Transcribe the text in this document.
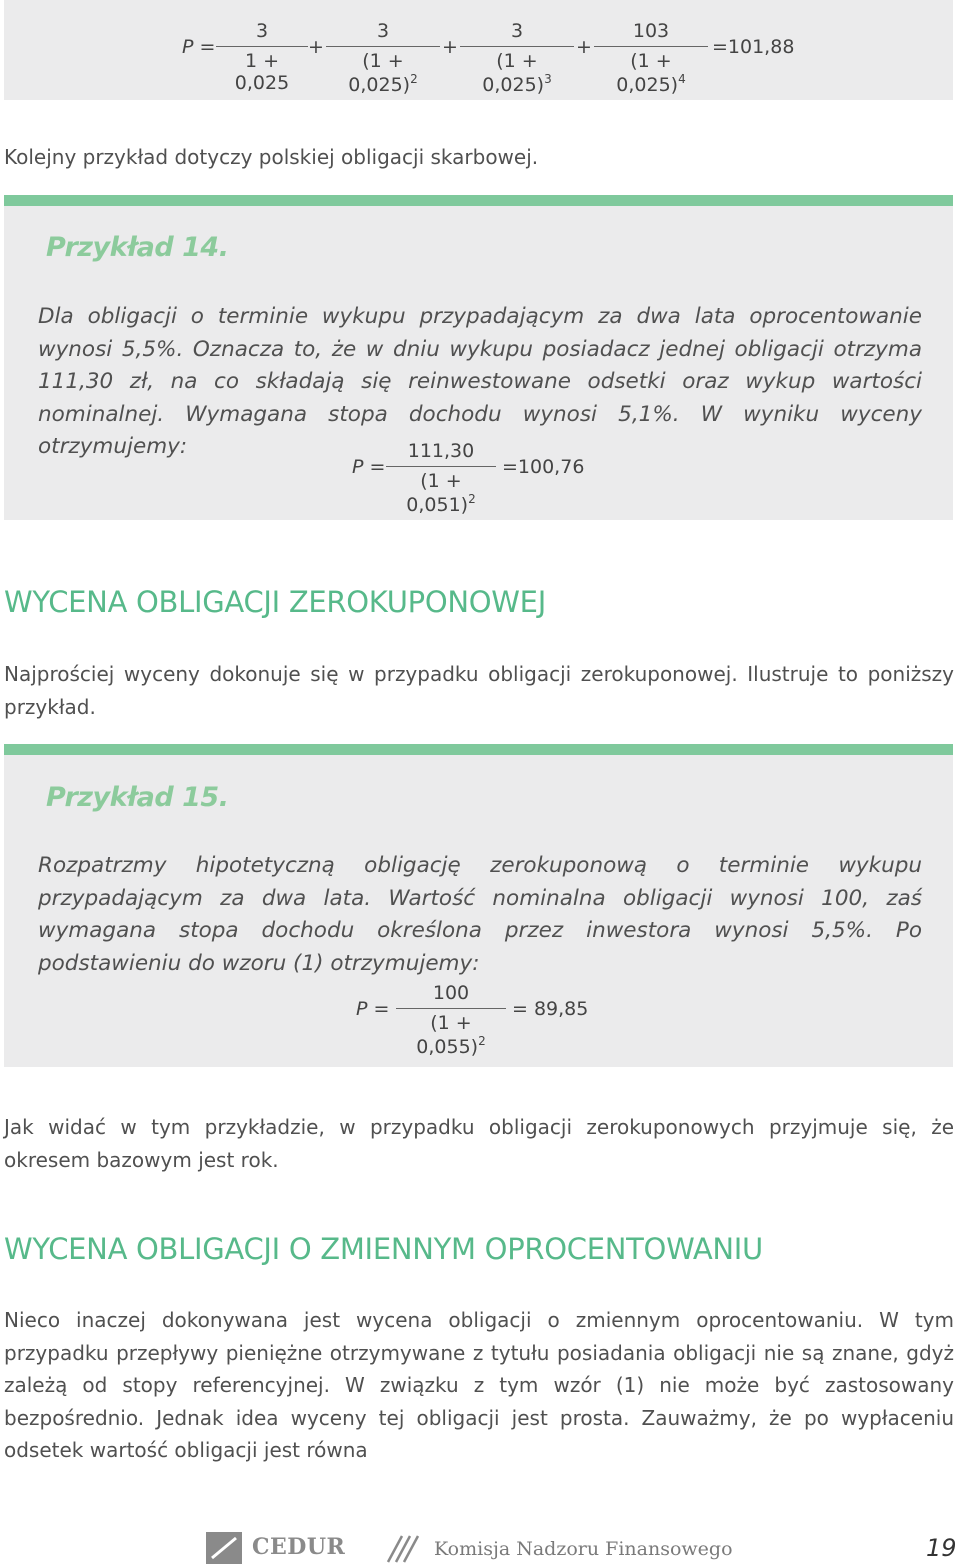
$P = \frac{3}{1 + 0,025} + \frac{3}{(1 + 0,025)^2} + \frac{3}{(1 + 0,025)^3} + \frac{103}{(1 + 0,025)^4} =101,88$

Kolejny przykład dotyczy polskiej obligacji skarbowej.

Przykład 14.

Dla obligacji o terminie wykupu przypadającym za dwa lata oprocentowanie wynosi 5,5%. Oznacza to, że w dniu wykupu posiadacz jednej obligacji otrzyma 111,30 zł, na co składają się reinwestowane odsetki oraz wykup wartości nominalnej. Wymagana stopa dochodu wynosi 5,1%. W wyniku wyceny otrzymujemy:

$P = \frac{111,30}{(1 + 0,051)^2} =100,76$
WYCENA OBLIGACJI ZEROKUPONOWEJ

Najprościej wyceny dokonuje się w przypadku obligacji zerokuponowej. Ilustruje to poniższy przykład.

Przykład 15.

Rozpatrzmy hipotetyczną obligację zerokuponową o terminie wykupu przypadającym za dwa lata. Wartość nominalna obligacji wynosi 100, zaś wymagana stopa dochodu określona przez inwestora wynosi 5,5%. Po podstawieniu do wzoru (1) otrzymujemy:

$P = \frac{100}{(1 + 0,055)^2} = 89,85$

Jak widać w tym przykładzie, w przypadku obligacji zerokuponowych przyjmuje się, że okresem bazowym jest rok.

WYCENA OBLIGACJI O ZMIENNYM OPROCENTOWANIU

Nieco inaczej dokonywana jest wycena obligacji o zmiennym oprocentowaniu. W tym przypadku przepływy pieniężne otrzymywane z tytułu posiadania obligacji nie są znane, gdyż zależą od stopy referencyjnej. W związku z tym wzór (1) nie może być zastosowany bezpośrednio. Jednak idea wyceny tej obligacji jest prosta. Zauważmy, że po wypłaceniu odsetek wartość obligacji jest równa

CEDUR	Komisja Nadzoru Finansowego	19
